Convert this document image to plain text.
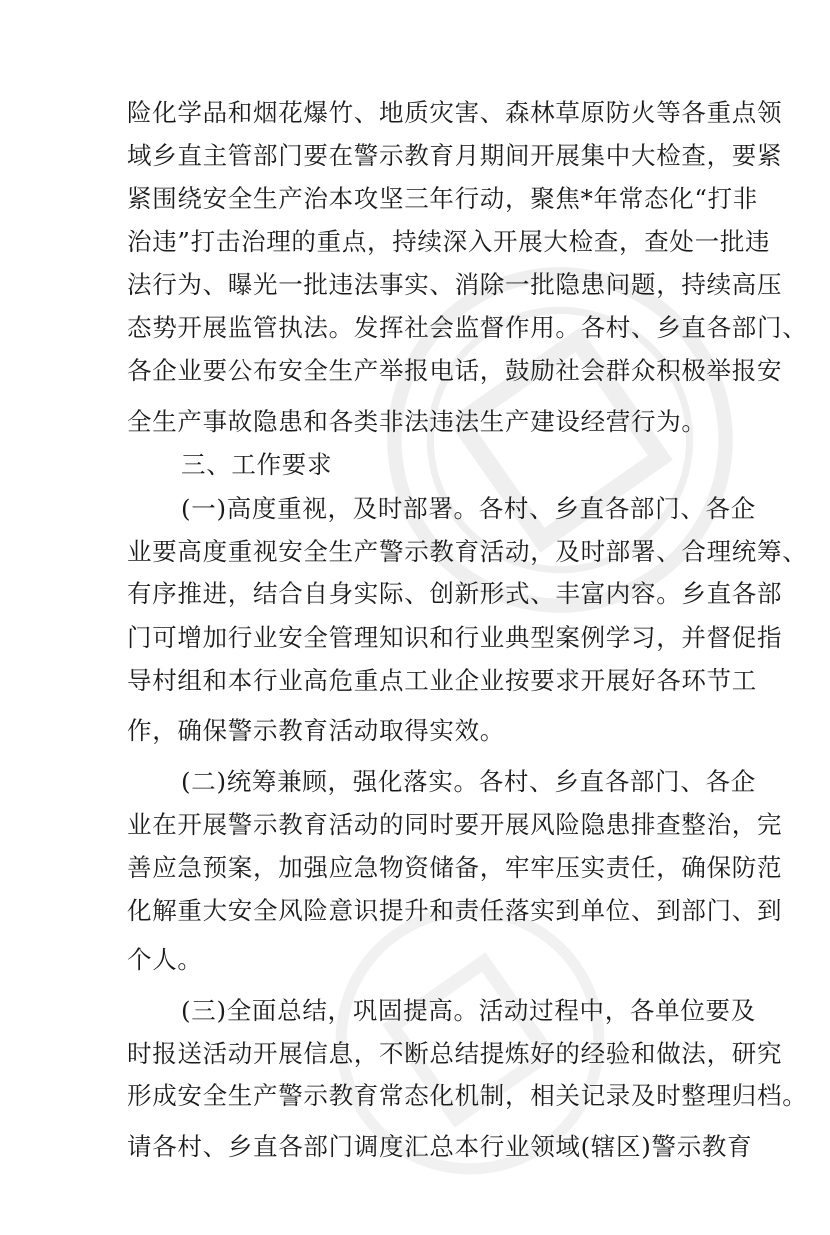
险化学品和烟花爆竹、地质灾害、森林草原防火等各重点领
域乡直主管部门要在警示教育月期间开展集中大检查，要紧
紧围绕安全生产治本攻坚三年行动，聚焦*年常态化“打非
治违”打击治理的重点，持续深入开展大检查，查处一批违
法行为、曝光一批违法事实、消除一批隐患问题，持续高压
态势开展监管执法。发挥社会监督作用。各村、乡直各部门、
各企业要公布安全生产举报电话，鼓励社会群众积极举报安
全生产事故隐患和各类非法违法生产建设经营行为。
三、工作要求
(一)高度重视，及时部署。各村、乡直各部门、各企
业要高度重视安全生产警示教育活动，及时部署、合理统筹、
有序推进，结合自身实际、创新形式、丰富内容。乡直各部
门可增加行业安全管理知识和行业典型案例学习，并督促指
导村组和本行业高危重点工业企业按要求开展好各环节工
作，确保警示教育活动取得实效。
(二)统筹兼顾，强化落实。各村、乡直各部门、各企
业在开展警示教育活动的同时要开展风险隐患排查整治，完
善应急预案，加强应急物资储备，牢牢压实责任，确保防范
化解重大安全风险意识提升和责任落实到单位、到部门、到
个人。
(三)全面总结，巩固提高。活动过程中，各单位要及
时报送活动开展信息，不断总结提炼好的经验和做法，研究
形成安全生产警示教育常态化机制，相关记录及时整理归档。
请各村、乡直各部门调度汇总本行业领域(辖区)警示教育
